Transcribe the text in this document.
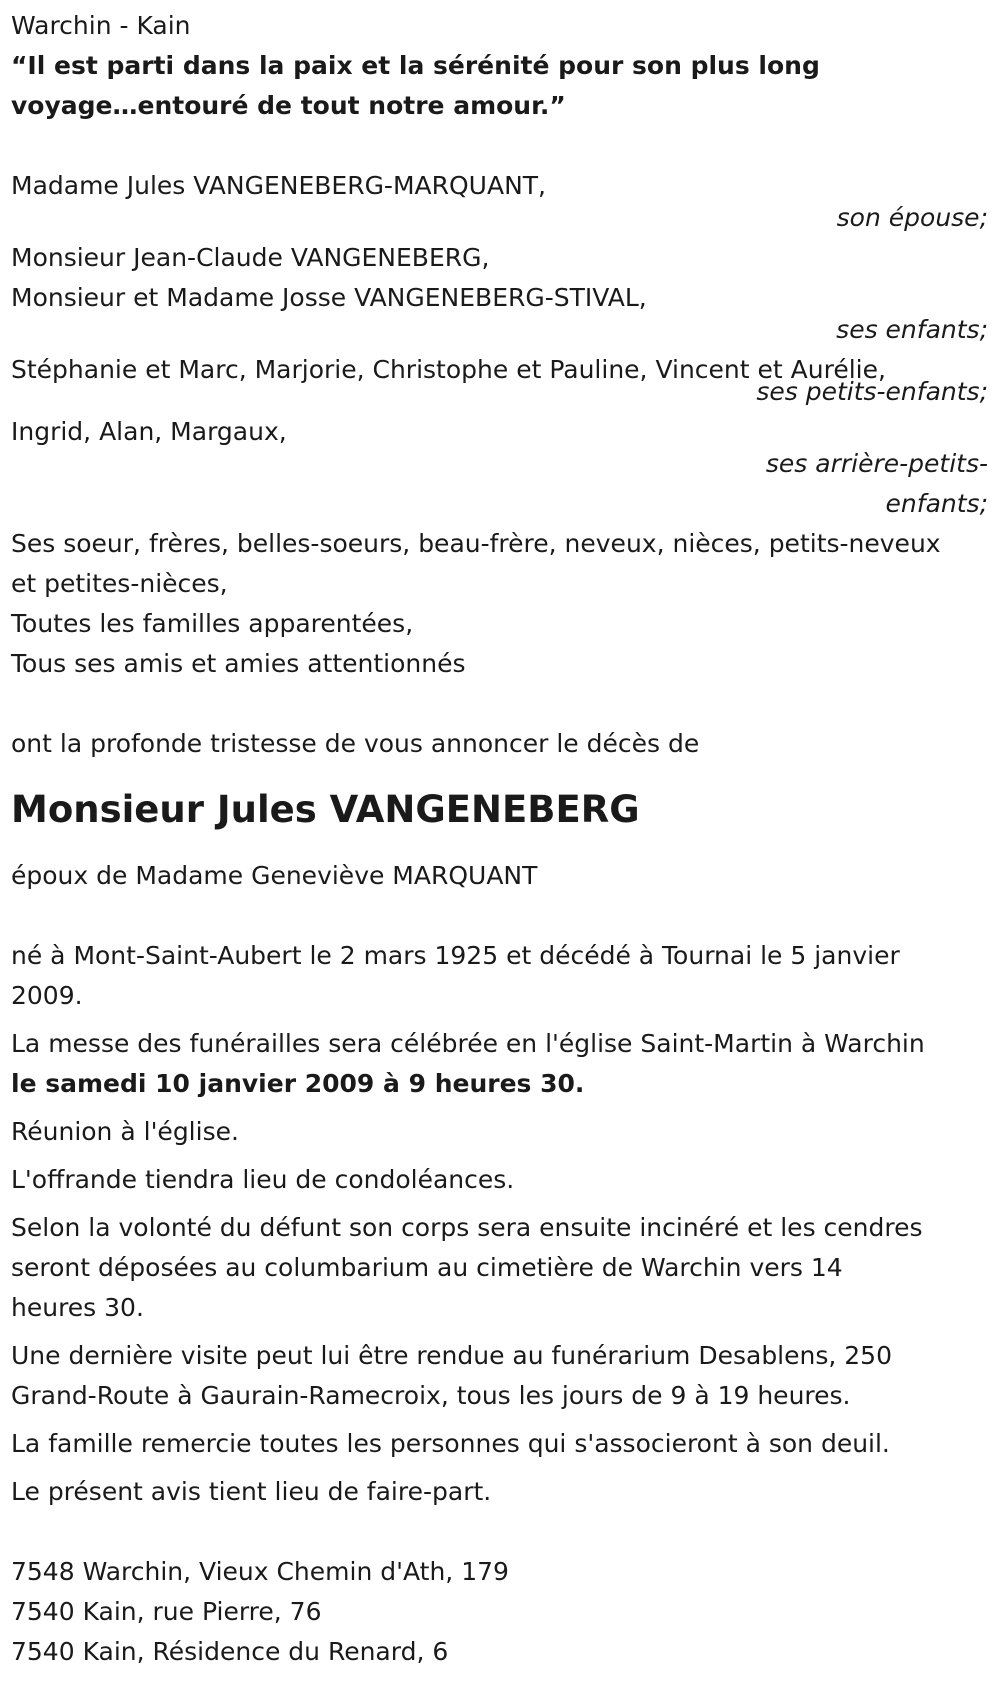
Warchin - Kain
“Il est parti dans la paix et la sérénité pour son plus long
voyage…entouré de tout notre amour.”
Madame Jules VANGENEBERG-MARQUANT,
son épouse;
Monsieur Jean-Claude VANGENEBERG,
Monsieur et Madame Josse VANGENEBERG-STIVAL,
ses enfants;
Stéphanie et Marc, Marjorie, Christophe et Pauline, Vincent et Aurélie,
ses petits-enfants;
Ingrid, Alan, Margaux,
ses arrière-petits-
enfants;
Ses soeur, frères, belles-soeurs, beau-frère, neveux, nièces, petits-neveux
et petites-nièces,
Toutes les familles apparentées,
Tous ses amis et amies attentionnés
ont la profonde tristesse de vous annoncer le décès de
Monsieur Jules VANGENEBERG
époux de Madame Geneviève MARQUANT
né à Mont-Saint-Aubert le 2 mars 1925 et décédé à Tournai le 5 janvier
2009.
La messe des funérailles sera célébrée en l'église Saint-Martin à Warchin
le samedi 10 janvier 2009 à 9 heures 30.
Réunion à l'église.
L'offrande tiendra lieu de condoléances.
Selon la volonté du défunt son corps sera ensuite incinéré et les cendres
seront déposées au columbarium au cimetière de Warchin vers 14
heures 30.
Une dernière visite peut lui être rendue au funérarium Desablens, 250
Grand-Route à Gaurain-Ramecroix, tous les jours de 9 à 19 heures.
La famille remercie toutes les personnes qui s'associeront à son deuil.
Le présent avis tient lieu de faire-part.
7548 Warchin, Vieux Chemin d'Ath, 179
7540 Kain, rue Pierre, 76
7540 Kain, Résidence du Renard, 6
